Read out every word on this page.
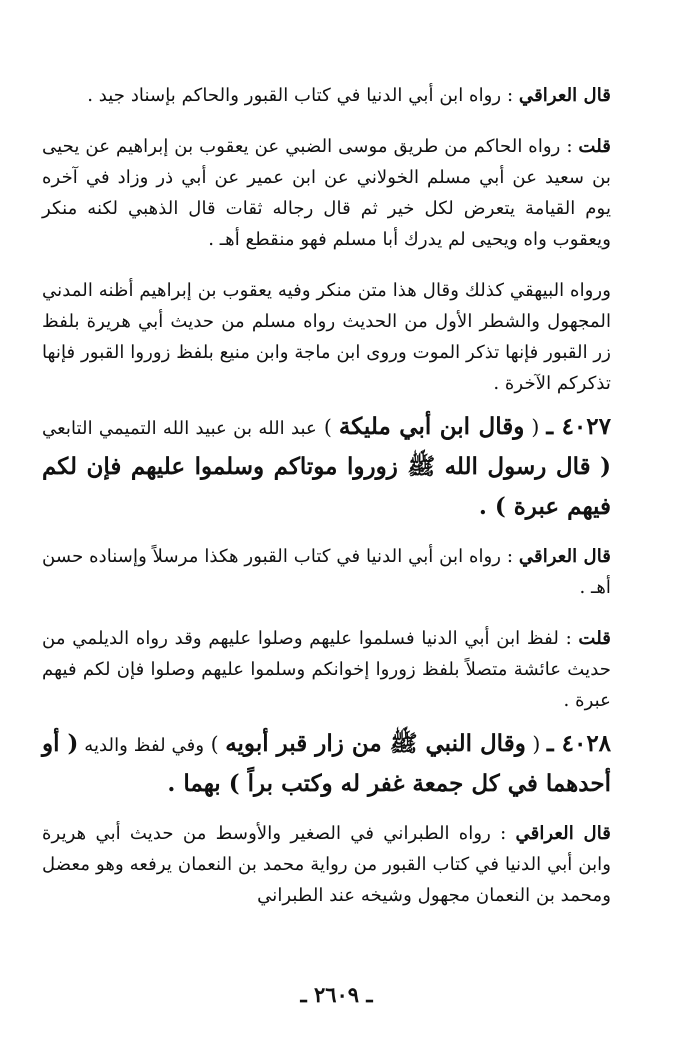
قال العراقي : رواه ابن أبي الدنيا في كتاب القبور والحاكم بإسناد جيد .

قلت : رواه الحاكم من طريق موسى الضبي عن يعقوب بن إبراهيم عن يحيى بن سعيد عن أبي مسلم الخولاني عن ابن عمير عن أبي ذر وزاد في آخره يوم القيامة يتعرض لكل خير ثم قال رجاله ثقات قال الذهبي لكنه منكر ويعقوب واه ويحيى لم يدرك أبا مسلم فهو منقطع أهـ .

ورواه البيهقي كذلك وقال هذا متن منكر وفيه يعقوب بن إبراهيم أظنه المدني المجهول والشطر الأول من الحديث رواه مسلم من حديث أبي هريرة بلفظ زر القبور فإنها تذكر الموت وروى ابن ماجة وابن منيع بلفظ زوروا القبور فإنها تذكركم الآخرة .

٤٠٢٧ ـ ( وقال ابن أبي مليكة ) عبد الله بن عبيد الله التميمي التابعي ( قال رسول الله ﷺ زوروا موتاكم وسلموا عليهم فإن لكم فيهم عبرة ) .

قال العراقي : رواه ابن أبي الدنيا في كتاب القبور هكذا مرسلاً وإسناده حسن أهـ .

قلت : لفظ ابن أبي الدنيا فسلموا عليهم وصلوا عليهم وقد رواه الديلمي من حديث عائشة متصلاً بلفظ زوروا إخوانكم وسلموا عليهم وصلوا فإن لكم فيهم عبرة .

٤٠٢٨ ـ ( وقال النبي ﷺ من زار قبر أبويه ) وفي لفظ والديه ( أو أحدهما في كل جمعة غفر له وكتب براً ) بهما .

قال العراقي : رواه الطبراني في الصغير والأوسط من حديث أبي هريرة وابن أبي الدنيا في كتاب القبور من رواية محمد بن النعمان يرفعه وهو معضل ومحمد بن النعمان مجهول وشيخه عند الطبراني

ـ ٢٦٠٩ ـ
